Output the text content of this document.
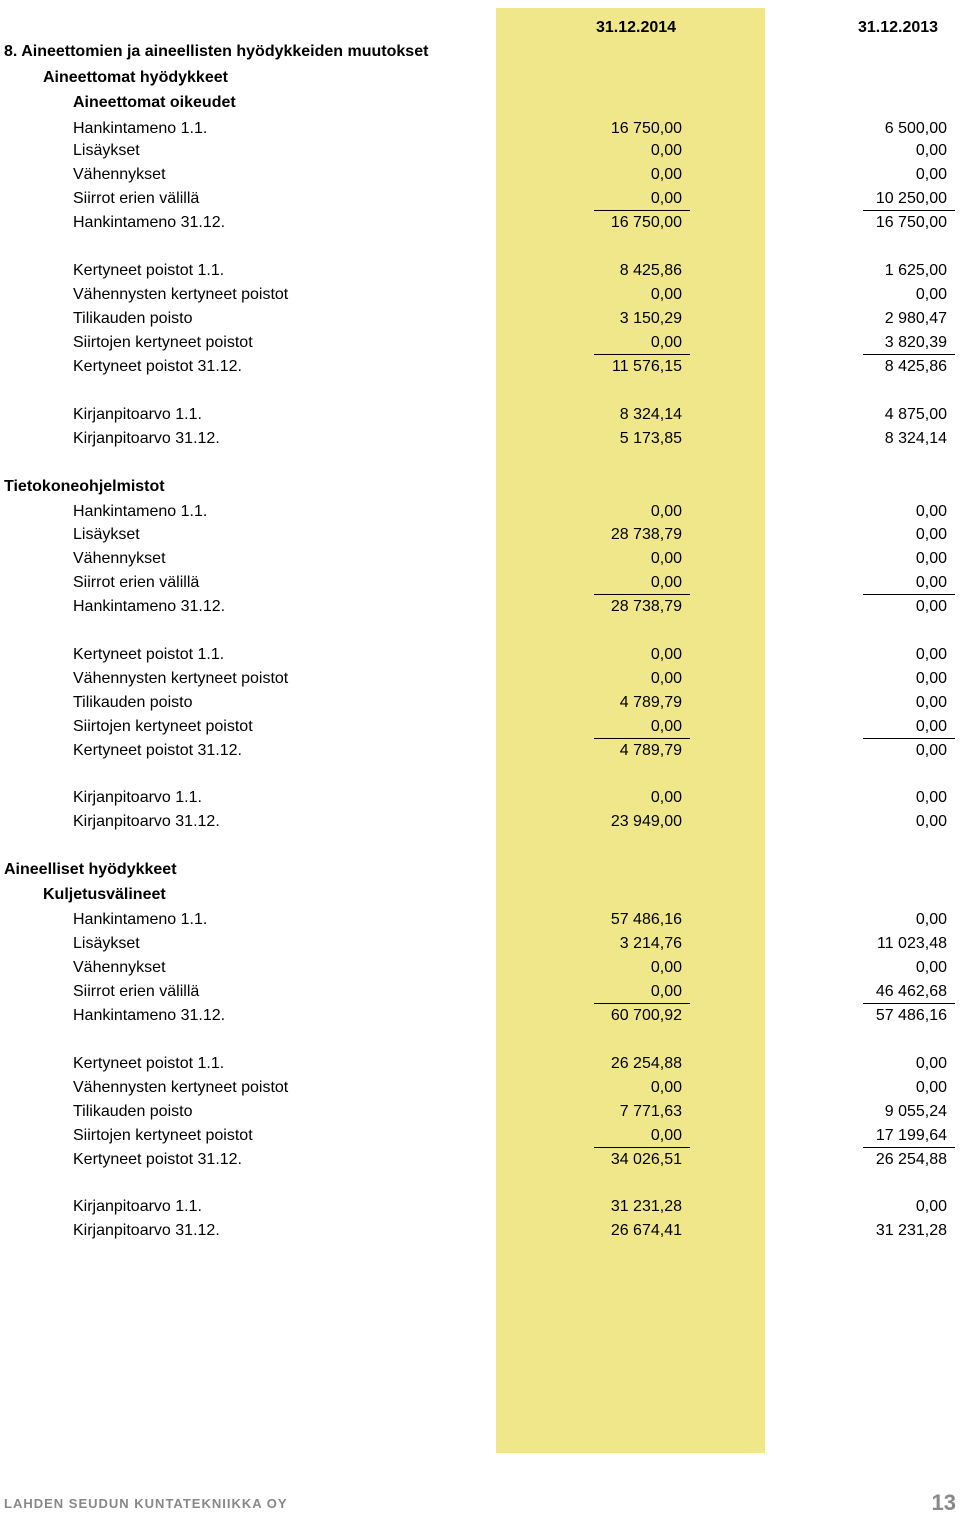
31.12.2014	31.12.2013
8. Aineettomien ja aineellisten hyödykkeiden muutokset
Aineettomat hyödykkeet
Aineettomat oikeudet
Hankintameno 1.1.	16 750,00	6 500,00
Lisäykset	0,00	0,00
Vähennykset	0,00	0,00
Siirrot erien välillä	0,00	10 250,00
Hankintameno 31.12.	16 750,00	16 750,00
Kertyneet poistot 1.1.	8 425,86	1 625,00
Vähennysten kertyneet poistot	0,00	0,00
Tilikauden poisto	3 150,29	2 980,47
Siirtojen kertyneet poistot	0,00	3 820,39
Kertyneet poistot 31.12.	11 576,15	8 425,86
Kirjanpitoarvo 1.1.	8 324,14	4 875,00
Kirjanpitoarvo 31.12.	5 173,85	8 324,14
Tietokoneohjelmistot
Hankintameno 1.1.	0,00	0,00
Lisäykset	28 738,79	0,00
Vähennykset	0,00	0,00
Siirrot erien välillä	0,00	0,00
Hankintameno 31.12.	28 738,79	0,00
Kertyneet poistot 1.1.	0,00	0,00
Vähennysten kertyneet poistot	0,00	0,00
Tilikauden poisto	4 789,79	0,00
Siirtojen kertyneet poistot	0,00	0,00
Kertyneet poistot 31.12.	4 789,79	0,00
Kirjanpitoarvo 1.1.	0,00	0,00
Kirjanpitoarvo 31.12.	23 949,00	0,00
Aineelliset hyödykkeet
Kuljetusvälineet
Hankintameno 1.1.	57 486,16	0,00
Lisäykset	3 214,76	11 023,48
Vähennykset	0,00	0,00
Siirrot erien välillä	0,00	46 462,68
Hankintameno 31.12.	60 700,92	57 486,16
Kertyneet poistot 1.1.	26 254,88	0,00
Vähennysten kertyneet poistot	0,00	0,00
Tilikauden poisto	7 771,63	9 055,24
Siirtojen kertyneet poistot	0,00	17 199,64
Kertyneet poistot 31.12.	34 026,51	26 254,88
Kirjanpitoarvo 1.1.	31 231,28	0,00
Kirjanpitoarvo 31.12.	26 674,41	31 231,28
LAHDEN SEUDUN KUNTATEKNIIKKA OY	13
